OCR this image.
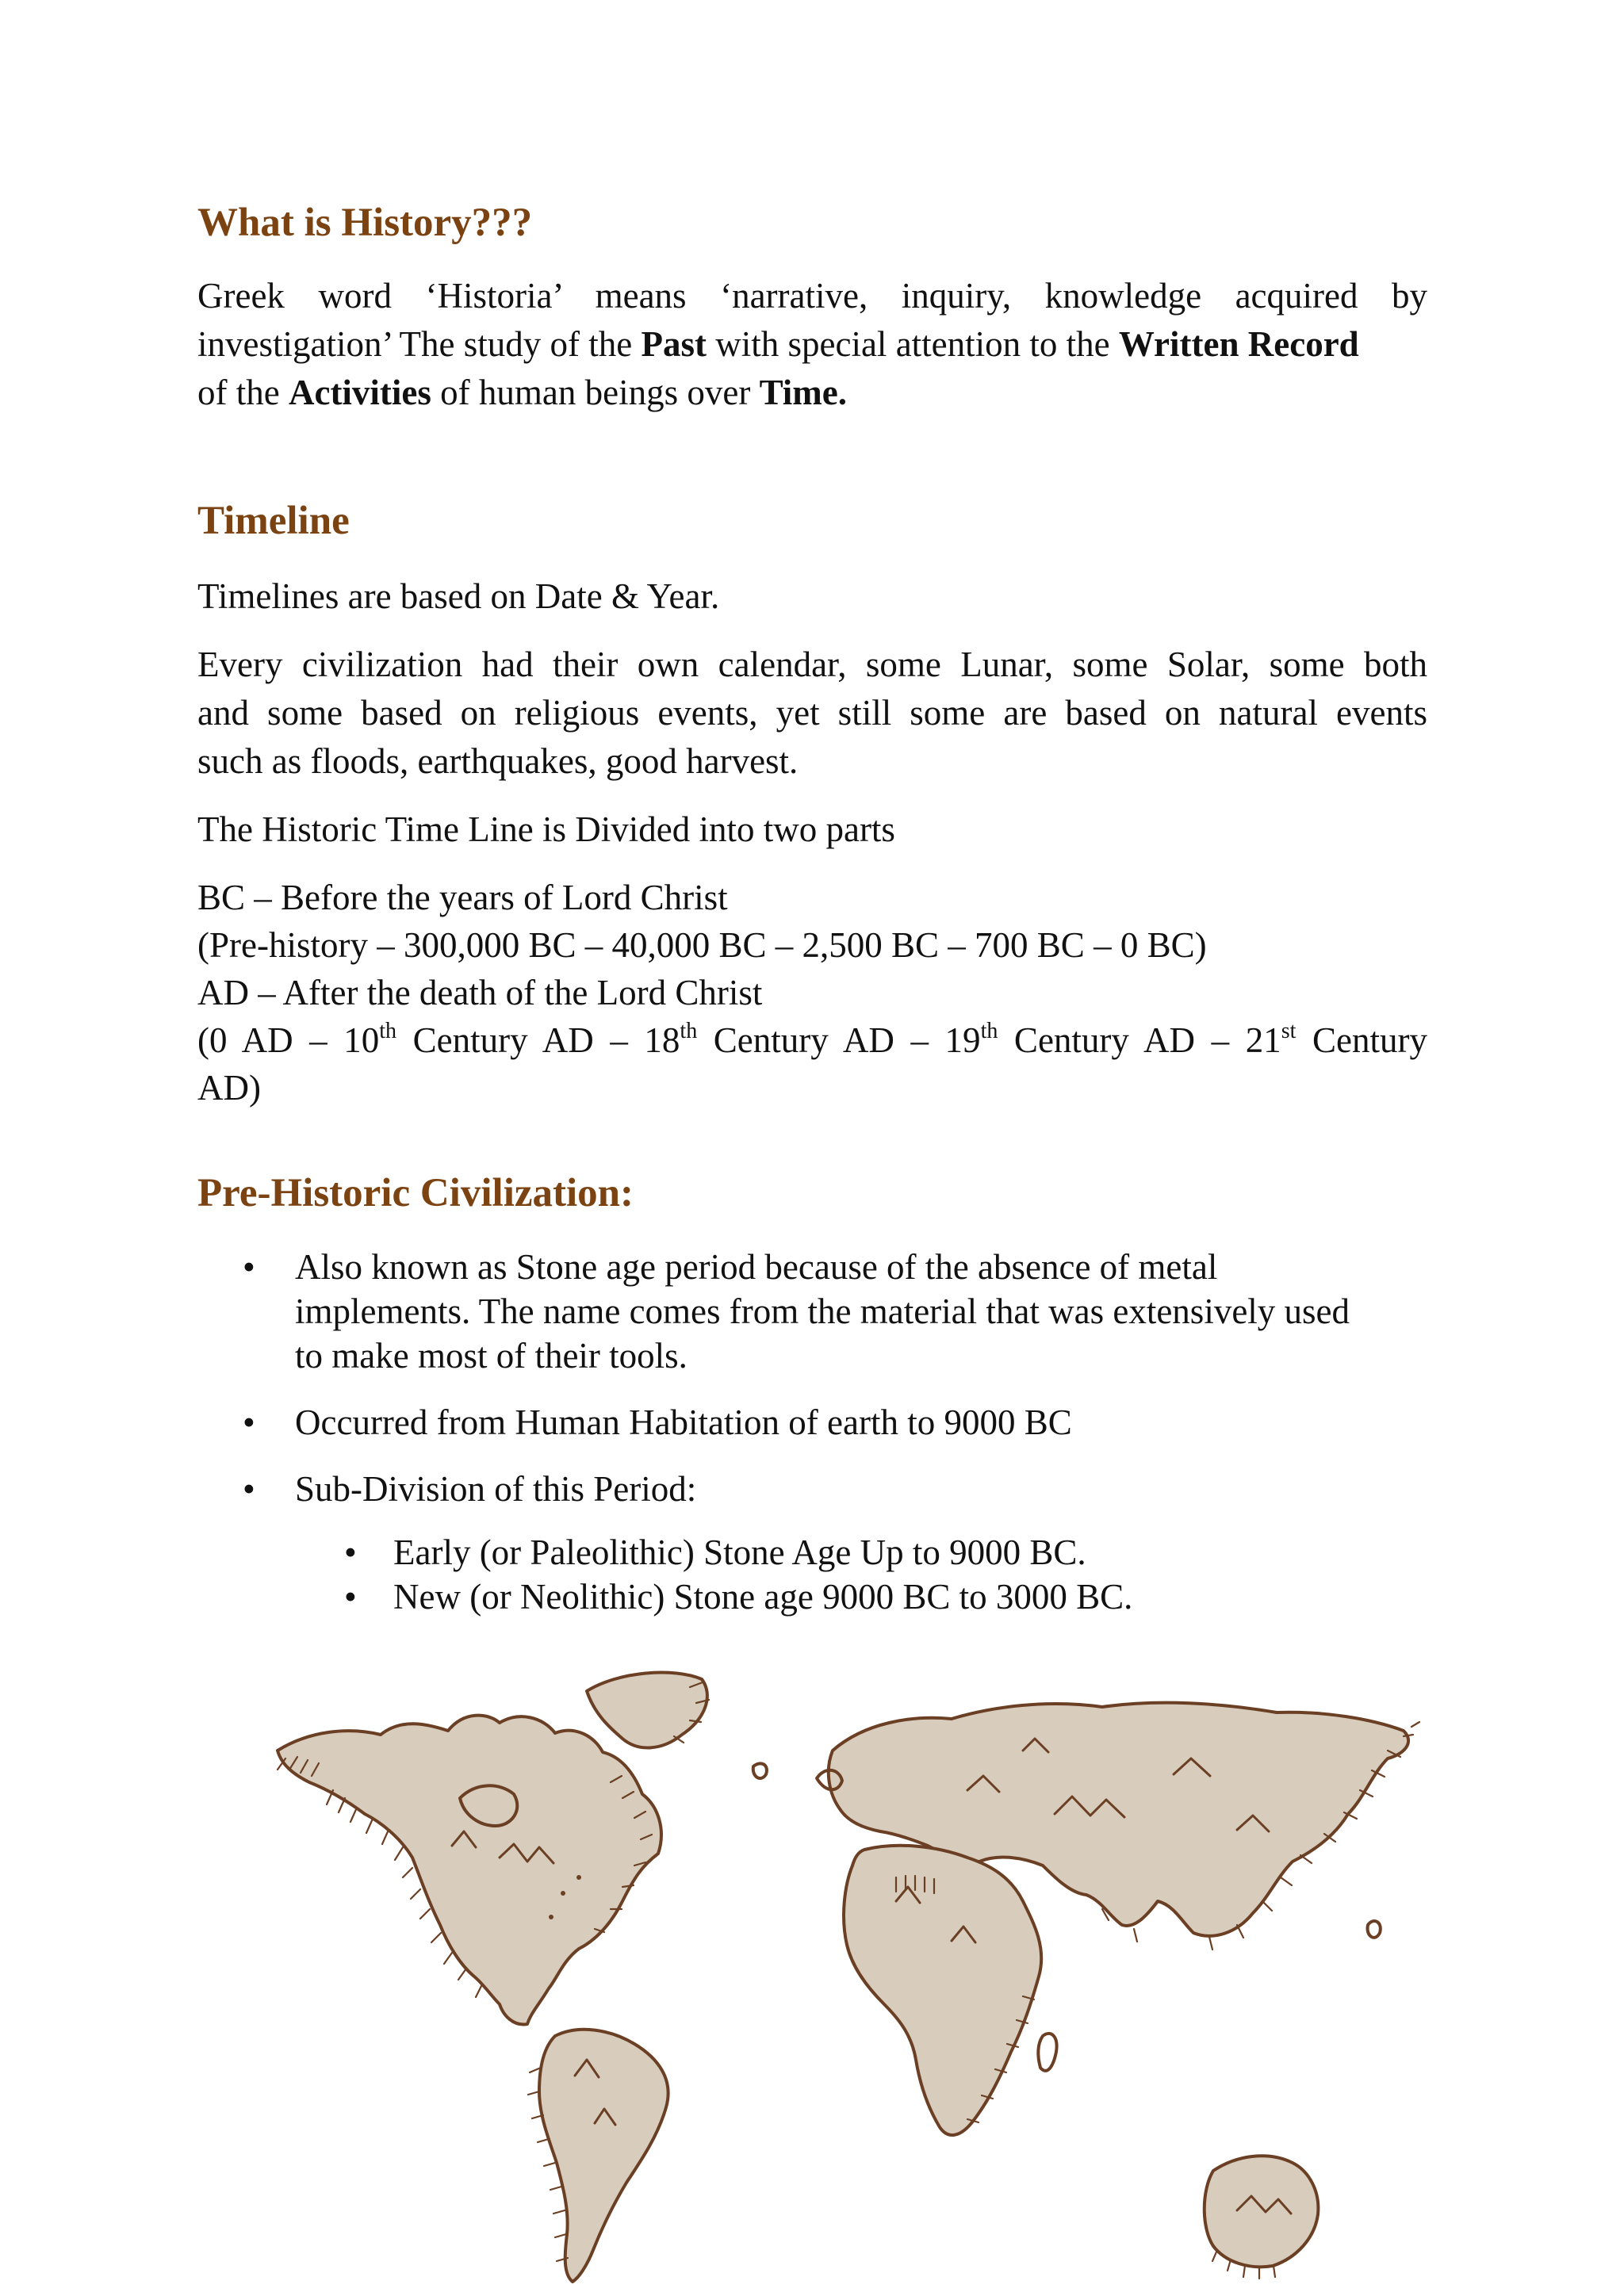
What is History???

Greek word ‘Historia’ means ‘narrative, inquiry, knowledge acquired by

investigation’ The study of the Past with special attention to the Written Record

of the Activities of human beings over Time.

Timeline

Timelines are based on Date & Year.

Every civilization had their own calendar, some Lunar, some Solar, some both

and some based on religious events, yet still some are based on natural events

such as floods, earthquakes, good harvest.

The Historic Time Line is Divided into two parts

BC – Before the years of Lord Christ

(Pre-history – 300,000 BC – 40,000 BC – 2,500 BC – 700 BC – 0 BC)

AD – After the death of the Lord Christ

(0 AD – 10th Century AD – 18th Century AD – 19th Century AD – 21st Century

AD)

Pre-Historic Civilization:
• Also known as Stone age period because of the absence of metal
implements. The name comes from the material that was extensively used
to make most of their tools.
• Occurred from Human Habitation of earth to 9000 BC
• Sub-Division of this Period:
• Early (or Paleolithic) Stone Age Up to 9000 BC.
• New (or Neolithic) Stone age 9000 BC to 3000 BC.
